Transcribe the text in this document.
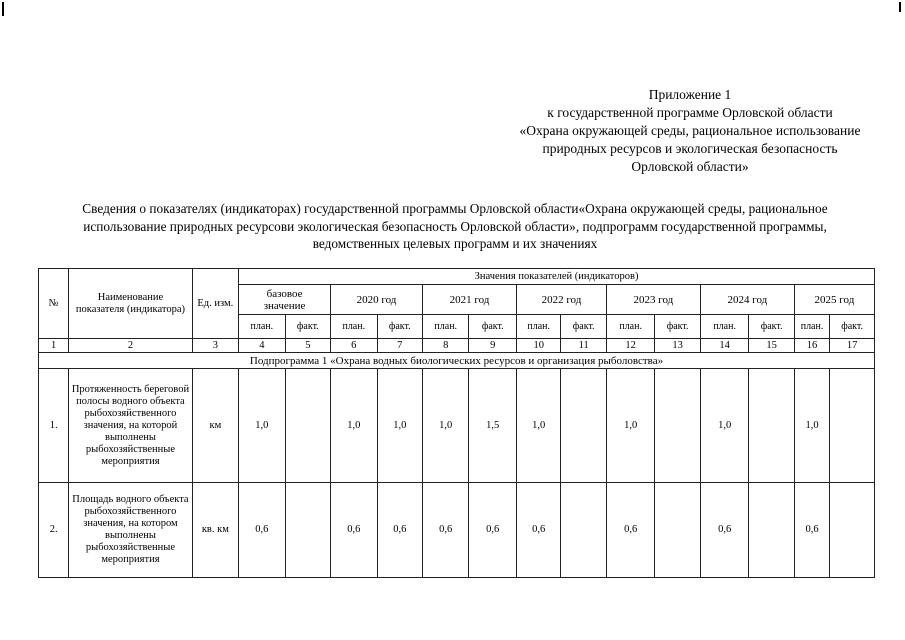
Приложение 1
к государственной программе Орловской области
«Охрана окружающей среды, рациональное использование
природных ресурсов и экологическая безопасность
Орловской области»
Сведения о показателях (индикаторах) государственной программы Орловской области«Охрана окружающей среды, рациональное
использование природных ресурсови экологическая безопасность Орловской области», подпрограмм государственной программы,
ведомственных целевых программ и их значениях
№	Наименование показателя (индикатора)	Ед. изм.	Значения показателей (индикаторов)													
			базовое значение		2020 год		2021 год		2022 год		2023 год		2024 год		2025 год	
			план.	факт.	план.	факт.	план.	факт.	план.	факт.	план.	факт.	план.	факт.	план.	факт.
1	2	3	4	5	6	7	8	9	10	11	12	13	14	15	16	17
Подпрограмма 1 «Охрана водных биологических ресурсов и организация рыболовства»																
1.	Протяженность береговой полосы водного объекта рыбохозяйственного значения, на которой выполнены рыбохозяйственные мероприятия	км	1,0		1,0	1,0	1,0	1,5	1,0		1,0		1,0		1,0	
2.	Площадь водного объекта рыбохозяйственного значения, на котором выполнены рыбохозяйственные мероприятия	кв. км	0,6		0,6	0,6	0,6	0,6	0,6		0,6		0,6		0,6	
